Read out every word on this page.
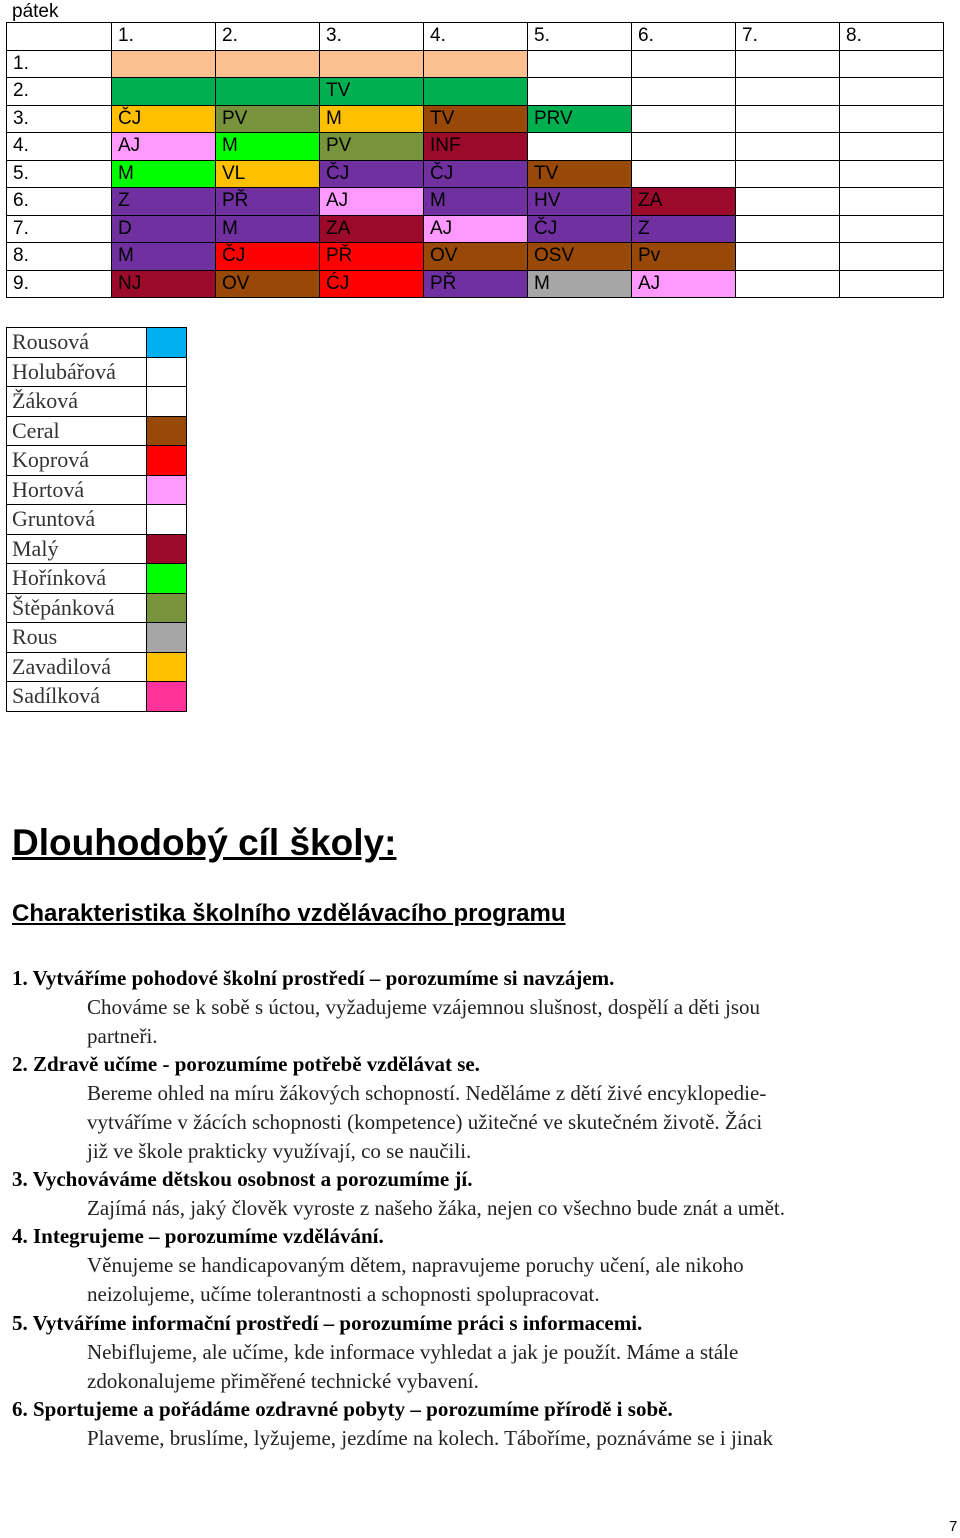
pátek
	1.	2.	3.	4.	5.	6.	7.	8.
1.								
2.			TV					
3.	ČJ	PV	M	TV	PRV			
4.	AJ	M	PV	INF				
5.	M	VL	ČJ	ČJ	TV			
6.	Z	PŘ	AJ	M	HV	ZA		
7.	D	M	ZA	AJ	ČJ	Z		
8.	M	ČJ	PŘ	OV	OSV	Pv		
9.	NJ	OV	ĆJ	PŘ	M	AJ		
Rousová	
Holubářová	
Žáková	
Ceral	
Koprová	
Hortová	
Gruntová	
Malý	
Hořínková	
Štěpánková	
Rous	
Zavadilová	
Sadílková	
Dlouhodobý cíl školy:
Charakteristika školního vzdělávacího programu
1. Vytváříme pohodové školní prostředí – porozumíme si navzájem.
Chováme se k sobě s úctou, vyžadujeme vzájemnou slušnost, dospělí a děti jsou
partneři.
2. Zdravě učíme - porozumíme potřebě vzdělávat se.
Bereme ohled na míru žákových schopností. Neděláme z dětí živé encyklopedie-
vytváříme v žácích schopnosti (kompetence) užitečné ve skutečném životě. Žáci
již ve škole prakticky využívají, co se naučili.
3. Vychováváme dětskou osobnost a porozumíme jí.
Zajímá nás, jaký člověk vyroste z našeho žáka, nejen co všechno bude znát a umět.
4. Integrujeme – porozumíme vzdělávání.
Věnujeme se handicapovaným dětem, napravujeme poruchy učení, ale nikoho
neizolujeme, učíme tolerantnosti a schopnosti spolupracovat.
5. Vytváříme informační prostředí – porozumíme práci s informacemi.
Nebiflujeme, ale učíme, kde informace vyhledat a jak je použít. Máme a stále
zdokonalujeme přiměřené technické vybavení.
6. Sportujeme a pořádáme ozdravné pobyty – porozumíme přírodě i sobě.
Plaveme, bruslíme, lyžujeme, jezdíme na kolech. Táboříme, poznáváme se i jinak
7
